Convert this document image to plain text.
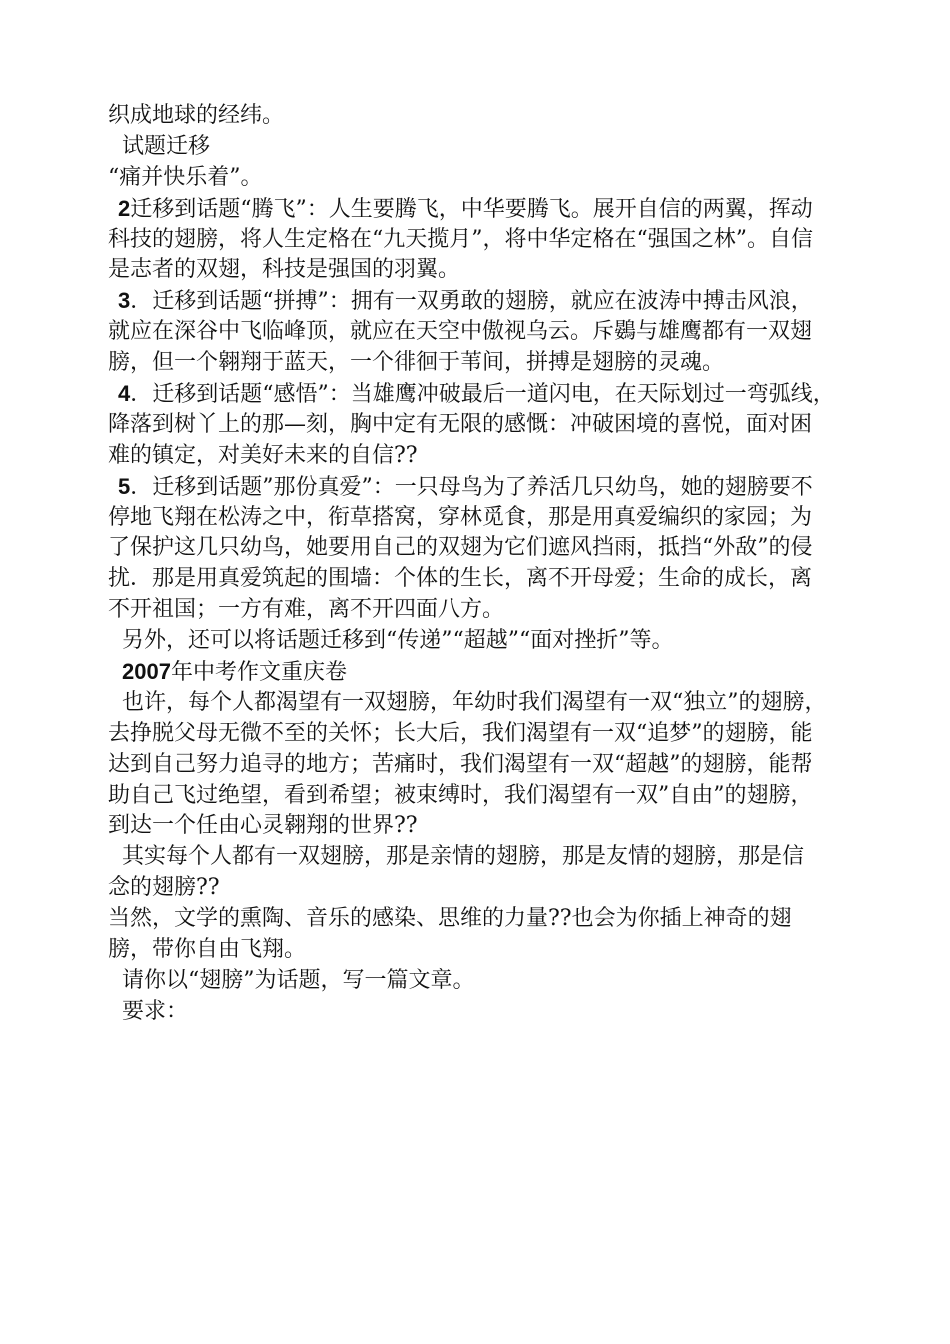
织成地球的经纬。
试题迁移
“痛并快乐着”。
2迁移到话题“腾飞”：人生要腾飞，中华要腾飞。展开自信的两翼，挥动
科技的翅膀，将人生定格在“九天揽月”，将中华定格在“强国之林”。自信
是志者的双翅，科技是强国的羽翼。
3．迁移到话题“拼搏”：拥有一双勇敢的翅膀，就应在波涛中搏击风浪，
就应在深谷中飞临峰顶，就应在天空中傲视乌云。斥鷃与雄鹰都有一双翅
膀，但一个翱翔于蓝天，一个徘徊于苇间，拼搏是翅膀的灵魂。
4．迁移到话题“感悟”：当雄鹰冲破最后一道闪电，在天际划过一弯弧线，
降落到树丫上的那—刻，胸中定有无限的感慨：冲破困境的喜悦，面对困
难的镇定，对美好未来的自信??
5．迁移到话题”那份真爱”：一只母鸟为了养活几只幼鸟，她的翅膀要不
停地飞翔在松涛之中，衔草搭窝，穿林觅食，那是用真爱编织的家园；为
了保护这几只幼鸟，她要用自己的双翅为它们遮风挡雨，抵挡“外敌”的侵
扰．那是用真爱筑起的围墙：个体的生长，离不开母爱；生命的成长，离
不开祖国；一方有难，离不开四面八方。
另外，还可以将话题迁移到“传递”“超越”“面对挫折”等。
2007年中考作文重庆卷
也许，每个人都渴望有一双翅膀，年幼时我们渴望有一双“独立”的翅膀，
去挣脱父母无微不至的关怀；长大后，我们渴望有一双“追梦”的翅膀，能
达到自己努力追寻的地方；苦痛时，我们渴望有一双“超越”的翅膀，能帮
助自己飞过绝望，看到希望；被束缚时，我们渴望有一双”自由”的翅膀，
到达一个任由心灵翱翔的世界??
其实每个人都有一双翅膀，那是亲情的翅膀，那是友情的翅膀，那是信
念的翅膀??
当然，文学的熏陶、音乐的感染、思维的力量??也会为你插上神奇的翅
膀，带你自由飞翔。
请你以“翅膀”为话题，写一篇文章。
要求：
